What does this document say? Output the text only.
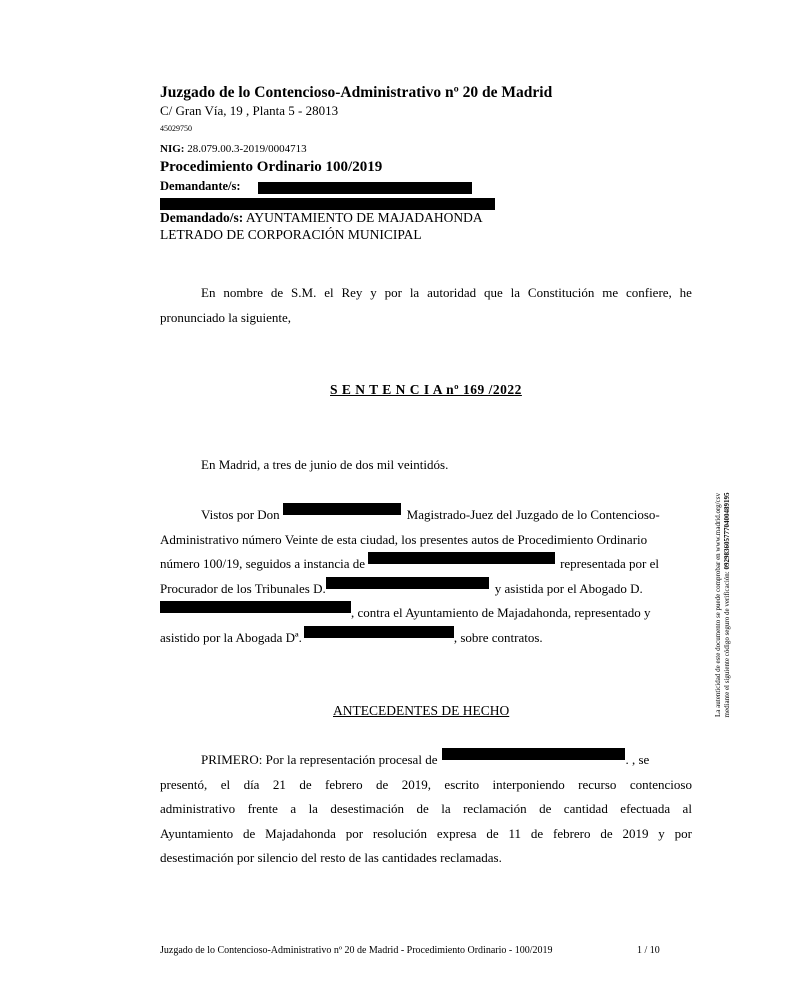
Juzgado de lo Contencioso-Administrativo nº 20 de Madrid
C/ Gran Vía, 19 , Planta 5 - 28013
45029750
NIG: 28.079.00.3-2019/0004713
Procedimiento Ordinario 100/2019
Demandante/s:
Demandado/s: AYUNTAMIENTO DE MAJADAHONDA
LETRADO DE CORPORACIÓN MUNICIPAL
En nombre de S.M. el Rey y por la autoridad que la Constitución me confiere, he
pronunciado la siguiente,
S E N T E N C I A nº 169 /2022
En Madrid, a tres de junio de dos mil veintidós.
Vistos por Don	Magistrado-Juez del Juzgado de lo Contencioso-
Administrativo número Veinte de esta ciudad, los presentes autos de Procedimiento Ordinario
número 100/19, seguidos a instancia de	representada por el
Procurador de los Tribunales D.	y asistida por el Abogado D.
, contra el Ayuntamiento de Majadahonda, representado y
asistido por la Abogada Dª.	, sobre contratos.
ANTECEDENTES DE HECHO
PRIMERO: Por la representación procesal de	. , se
presentó, el día 21 de febrero de 2019, escrito interponiendo recurso contencioso
administrativo frente a la desestimación de la reclamación de cantidad efectuada al
Ayuntamiento de Majadahonda por resolución expresa de 11 de febrero de 2019 y por
desestimación por silencio del resto de las cantidades reclamadas.
La autenticidad de este documento se puede comprobar en www.madrid.org/csv mediante el siguiente código seguro de verificación: 0929836057770400489195
Juzgado de lo Contencioso-Administrativo nº 20 de Madrid - Procedimiento Ordinario - 100/2019	1 / 10
